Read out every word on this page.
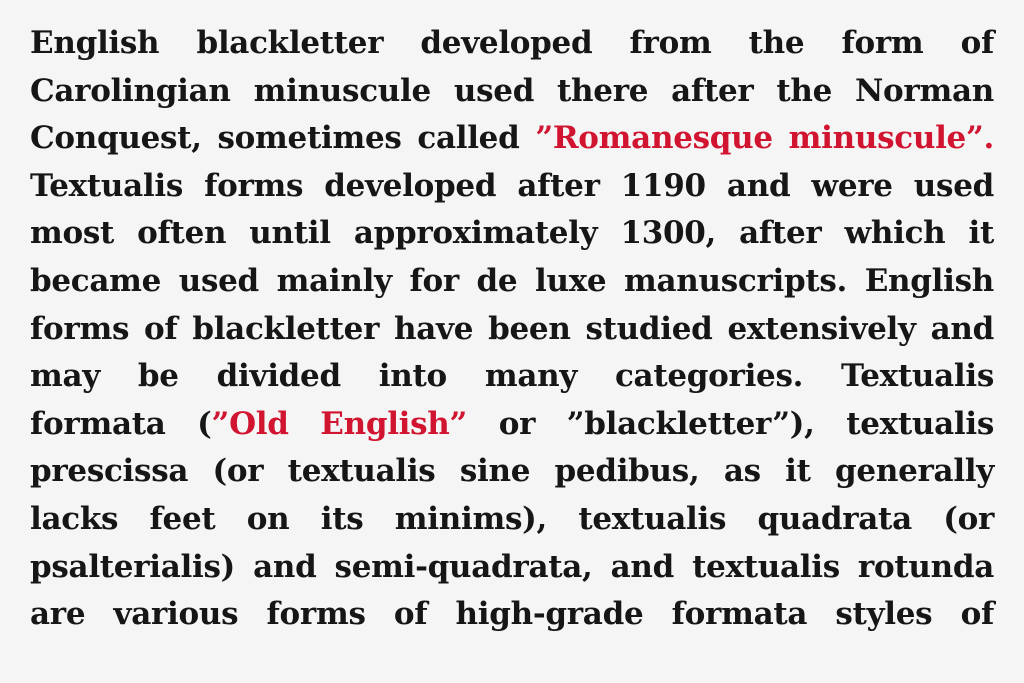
English blackletter developed from the form of
Carolingian minuscule used there after the Norman
Conquest, sometimes called ”Romanesque minuscule”.
Textualis forms developed after 1190 and were used
most often until approximately 1300, after which it
became used mainly for de luxe manuscripts. English
forms of blackletter have been studied extensively and
may be divided into many categories. Textualis
formata (”Old English” or ”blackletter”), textualis
prescissa (or textualis sine pedibus, as it generally
lacks feet on its minims), textualis quadrata (or
psalterialis) and semi-quadrata, and textualis rotunda
are various forms of high-grade formata styles of
